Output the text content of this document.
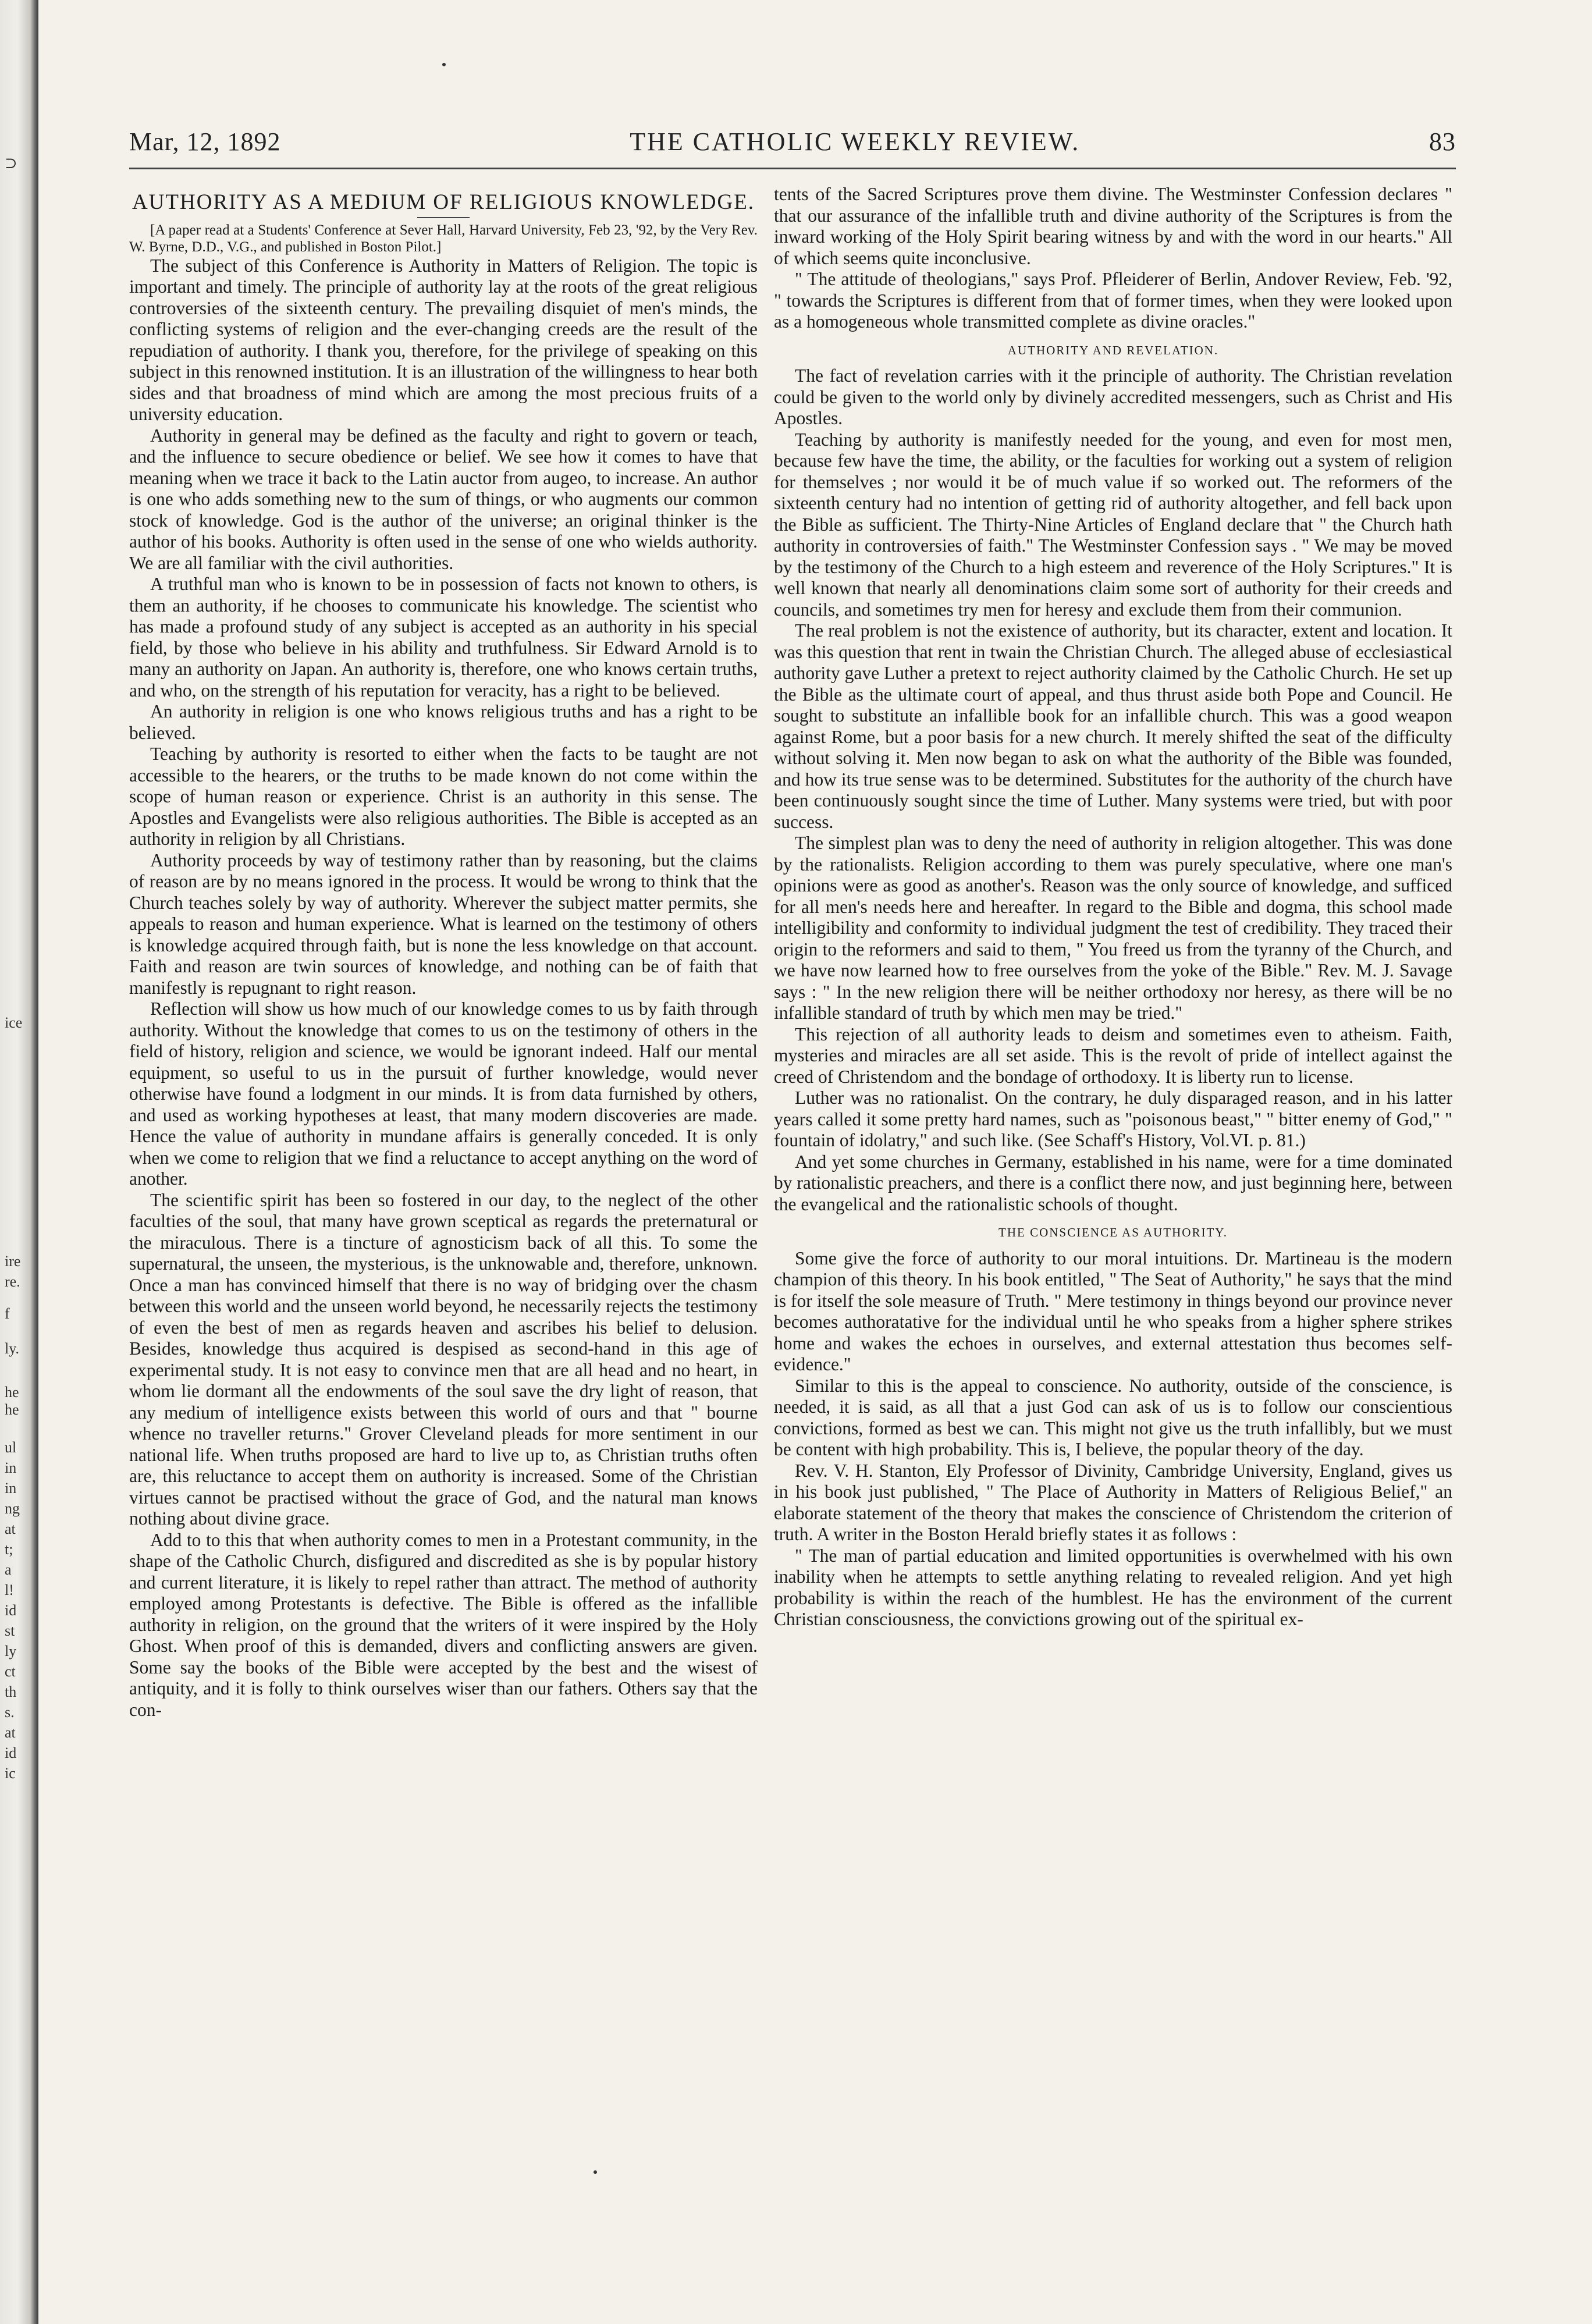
⊃
ice
ire
re.
f
ly.
he
he
ul
in
in
ng
at
t;
a
l!
id
st
ly
ct
th
s.
at
id
ic
Mar, 12, 1892	THE CATHOLIC WEEKLY REVIEW.	83
AUTHORITY AS A MEDIUM OF RELIGIOUS KNOWLEDGE.

[A paper read at a Students' Conference at Sever Hall, Harvard University, Feb 23, '92, by the Very Rev. W. Byrne, D.D., V.G., and published in Boston Pilot.]

The subject of this Conference is Authority in Matters of Religion. The topic is important and timely. The principle of authority lay at the roots of the great religious controversies of the sixteenth century. The prevailing disquiet of men's minds, the conflicting systems of religion and the ever-changing creeds are the result of the repudiation of authority. I thank you, therefore, for the privilege of speaking on this subject in this renowned institution. It is an illustration of the willingness to hear both sides and that broadness of mind which are among the most precious fruits of a university education.

Authority in general may be defined as the faculty and right to govern or teach, and the influence to secure obedience or belief. We see how it comes to have that meaning when we trace it back to the Latin auctor from augeo, to increase. An author is one who adds something new to the sum of things, or who augments our common stock of knowledge. God is the author of the universe; an original thinker is the author of his books. Authority is often used in the sense of one who wields authority. We are all familiar with the civil authorities.

A truthful man who is known to be in possession of facts not known to others, is them an authority, if he chooses to communicate his knowledge. The scientist who has made a profound study of any subject is accepted as an authority in his special field, by those who believe in his ability and truthfulness. Sir Edward Arnold is to many an authority on Japan. An authority is, therefore, one who knows certain truths, and who, on the strength of his reputation for veracity, has a right to be believed.

An authority in religion is one who knows religious truths and has a right to be believed.

Teaching by authority is resorted to either when the facts to be taught are not accessible to the hearers, or the truths to be made known do not come within the scope of human reason or experience. Christ is an authority in this sense. The Apostles and Evangelists were also religious authorities. The Bible is accepted as an authority in religion by all Christians.

Authority proceeds by way of testimony rather than by reasoning, but the claims of reason are by no means ignored in the process. It would be wrong to think that the Church teaches solely by way of authority. Wherever the subject matter permits, she appeals to reason and human experience. What is learned on the testimony of others is knowledge acquired through faith, but is none the less knowledge on that account. Faith and reason are twin sources of knowledge, and nothing can be of faith that manifestly is repugnant to right reason.

Reflection will show us how much of our knowledge comes to us by faith through authority. Without the knowledge that comes to us on the testimony of others in the field of history, religion and science, we would be ignorant indeed. Half our mental equipment, so useful to us in the pursuit of further knowledge, would never otherwise have found a lodgment in our minds. It is from data furnished by others, and used as working hypotheses at least, that many modern discoveries are made. Hence the value of authority in mundane affairs is generally conceded. It is only when we come to religion that we find a reluctance to accept anything on the word of another.

The scientific spirit has been so fostered in our day, to the neglect of the other faculties of the soul, that many have grown sceptical as regards the preternatural or the miraculous. There is a tincture of agnosticism back of all this. To some the supernatural, the unseen, the mysterious, is the unknowable and, therefore, unknown. Once a man has convinced himself that there is no way of bridging over the chasm between this world and the unseen world beyond, he necessarily rejects the testimony of even the best of men as regards heaven and ascribes his belief to delusion. Besides, knowledge thus acquired is despised as second-hand in this age of experimental study. It is not easy to convince men that are all head and no heart, in whom lie dormant all the endowments of the soul save the dry light of reason, that any medium of intelligence exists between this world of ours and that " bourne whence no traveller returns." Grover Cleveland pleads for more sentiment in our national life. When truths proposed are hard to live up to, as Christian truths often are, this reluctance to accept them on authority is increased. Some of the Christian virtues cannot be practised without the grace of God, and the natural man knows nothing about divine grace.

Add to to this that when authority comes to men in a Protestant community, in the shape of the Catholic Church, disfigured and discredited as she is by popular history and current literature, it is likely to repel rather than attract. The method of authority employed among Protestants is defective. The Bible is offered as the infallible authority in religion, on the ground that the writers of it were inspired by the Holy Ghost. When proof of this is demanded, divers and conflicting answers are given. Some say the books of the Bible were accepted by the best and the wisest of antiquity, and it is folly to think ourselves wiser than our fathers. Others say that the con-

tents of the Sacred Scriptures prove them divine. The Westminster Confession declares " that our assurance of the infallible truth and divine authority of the Scriptures is from the inward working of the Holy Spirit bearing witness by and with the word in our hearts." All of which seems quite inconclusive.

" The attitude of theologians," says Prof. Pfleiderer of Berlin, Andover Review, Feb. '92, " towards the Scriptures is different from that of former times, when they were looked upon as a homogeneous whole transmitted complete as divine oracles."

AUTHORITY AND REVELATION.

The fact of revelation carries with it the principle of authority. The Christian revelation could be given to the world only by divinely accredited messengers, such as Christ and His Apostles.

Teaching by authority is manifestly needed for the young, and even for most men, because few have the time, the ability, or the faculties for working out a system of religion for themselves ; nor would it be of much value if so worked out. The reformers of the sixteenth century had no intention of getting rid of authority altogether, and fell back upon the Bible as sufficient. The Thirty-Nine Articles of England declare that " the Church hath authority in controversies of faith." The Westminster Confession says . " We may be moved by the testimony of the Church to a high esteem and reverence of the Holy Scriptures." It is well known that nearly all denominations claim some sort of authority for their creeds and councils, and sometimes try men for heresy and exclude them from their communion.

The real problem is not the existence of authority, but its character, extent and location. It was this question that rent in twain the Christian Church. The alleged abuse of ecclesiastical authority gave Luther a pretext to reject authority claimed by the Catholic Church. He set up the Bible as the ultimate court of appeal, and thus thrust aside both Pope and Council. He sought to substitute an infallible book for an infallible church. This was a good weapon against Rome, but a poor basis for a new church. It merely shifted the seat of the difficulty without solving it. Men now began to ask on what the authority of the Bible was founded, and how its true sense was to be determined. Substitutes for the authority of the church have been continuously sought since the time of Luther. Many systems were tried, but with poor success.

The simplest plan was to deny the need of authority in religion altogether. This was done by the rationalists. Religion according to them was purely speculative, where one man's opinions were as good as another's. Reason was the only source of knowledge, and sufficed for all men's needs here and hereafter. In regard to the Bible and dogma, this school made intelligibility and conformity to individual judgment the test of credibility. They traced their origin to the reformers and said to them, " You freed us from the tyranny of the Church, and we have now learned how to free ourselves from the yoke of the Bible." Rev. M. J. Savage says : " In the new religion there will be neither orthodoxy nor heresy, as there will be no infallible standard of truth by which men may be tried."

This rejection of all authority leads to deism and sometimes even to atheism. Faith, mysteries and miracles are all set aside. This is the revolt of pride of intellect against the creed of Christendom and the bondage of orthodoxy. It is liberty run to license.

Luther was no rationalist. On the contrary, he duly disparaged reason, and in his latter years called it some pretty hard names, such as "poisonous beast," " bitter enemy of God," " fountain of idolatry," and such like. (See Schaff's History, Vol.VI. p. 81.)

And yet some churches in Germany, established in his name, were for a time dominated by rationalistic preachers, and there is a conflict there now, and just beginning here, between the evangelical and the rationalistic schools of thought.

THE CONSCIENCE AS AUTHORITY.

Some give the force of authority to our moral intuitions. Dr. Martineau is the modern champion of this theory. In his book entitled, " The Seat of Authority," he says that the mind is for itself the sole measure of Truth. " Mere testimony in things beyond our province never becomes authoratative for the individual until he who speaks from a higher sphere strikes home and wakes the echoes in ourselves, and external attestation thus becomes self-evidence."

Similar to this is the appeal to conscience. No authority, outside of the conscience, is needed, it is said, as all that a just God can ask of us is to follow our conscientious convictions, formed as best we can. This might not give us the truth infallibly, but we must be content with high probability. This is, I believe, the popular theory of the day.

Rev. V. H. Stanton, Ely Professor of Divinity, Cambridge University, England, gives us in his book just published, " The Place of Authority in Matters of Religious Belief," an elaborate statement of the theory that makes the conscience of Christendom the criterion of truth. A writer in the Boston Herald briefly states it as follows :

" The man of partial education and limited opportunities is overwhelmed with his own inability when he attempts to settle anything relating to revealed religion. And yet high probability is within the reach of the humblest. He has the environment of the current Christian consciousness, the convictions growing out of the spiritual ex-
